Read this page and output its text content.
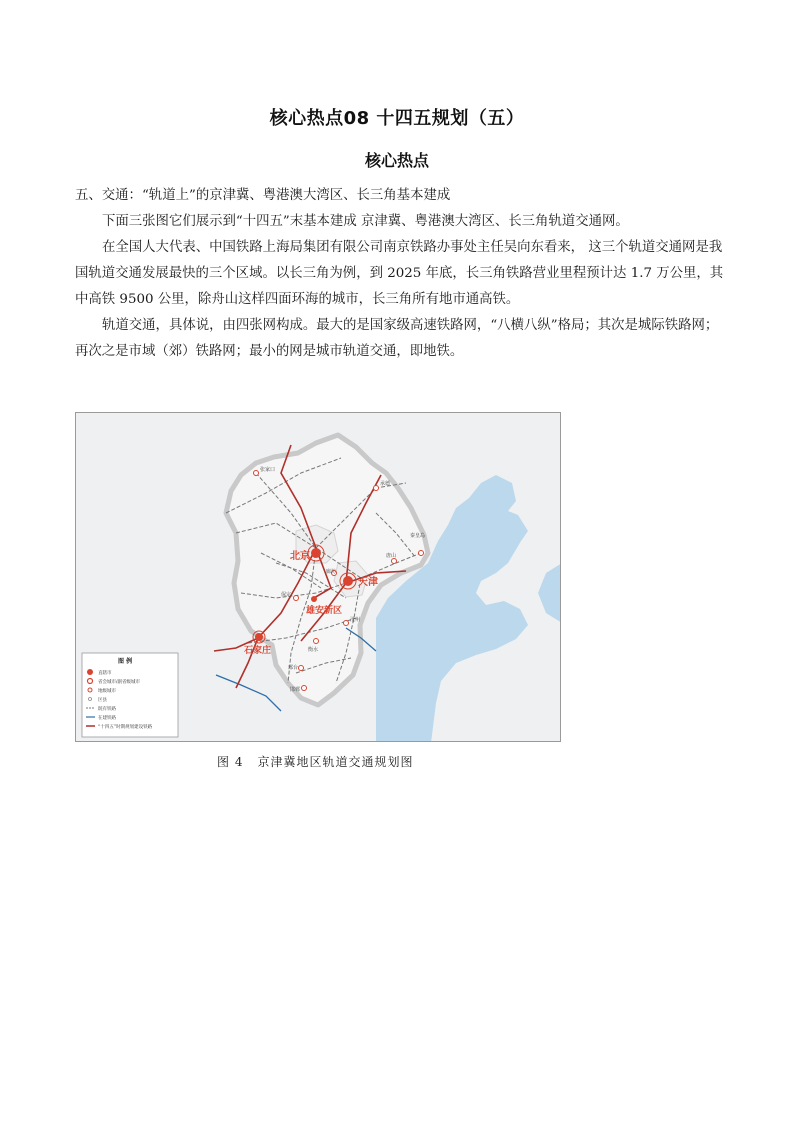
核心热点08 十四五规划（五）
核心热点

五、交通：“轨道上”的京津冀、粤港澳大湾区、长三角基本建成

下面三张图它们展示到“十四五”末基本建成 京津冀、粤港澳大湾区、长三角轨道交通网。

在全国人大代表、中国铁路上海局集团有限公司南京铁路办事处主任吴向东看来， 这三个轨道交通网是我国轨道交通发展最快的三个区域。以长三角为例，到 2025 年底，长三角铁路营业里程预计达 1.7 万公里，其中高铁 9500 公里，除舟山这样四面环海的城市，长三角所有地市通高铁。

轨道交通，具体说，由四张网构成。最大的是国家级高速铁路网，“八横八纵”格局；其次是城际铁路网；再次之是市域（郊）铁路网；最小的网是城市轨道交通，即地铁。

北京
天津
雄安新区
石家庄
承德
张家口
秦皇岛
唐山
廊坊
保定
沧州
衡水
邢台
邯郸
图 例
直辖市
省会城市/副省级城市
地级城市
区县
既有铁路
在建铁路
“十四五”时期规划建设铁路
图 4 京津冀地区轨道交通规划图
